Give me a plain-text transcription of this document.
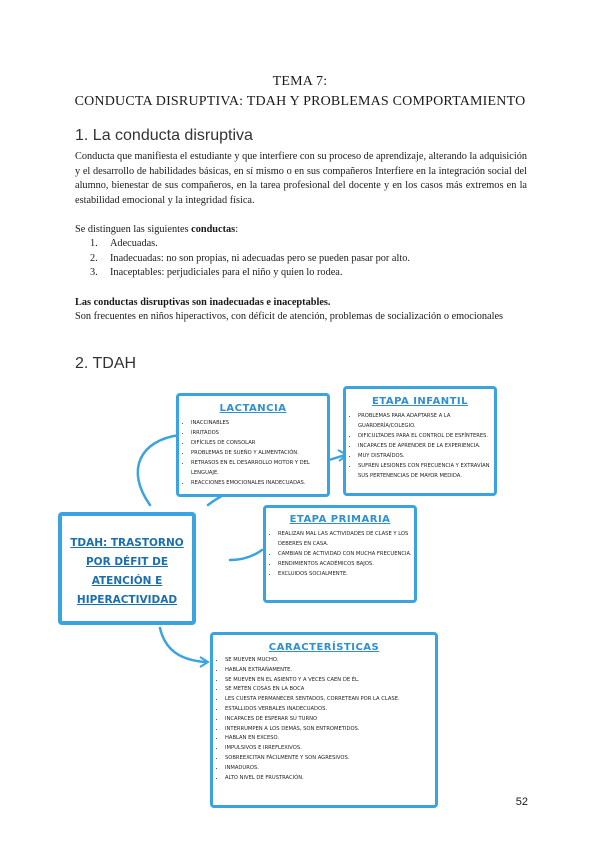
TEMA 7:
CONDUCTA DISRUPTIVA: TDAH Y PROBLEMAS COMPORTAMIENTO
1. La conducta disruptiva
Conducta que manifiesta el estudiante y que interfiere con su proceso de aprendizaje, alterando la adquisición y el desarrollo de habilidades básicas, en sí mismo o en sus compañeros Interfiere en la integración social del alumno, bienestar de sus compañeros, en la tarea profesional del docente y en los casos más extremos en la estabilidad emocional y la integridad física.
Se distinguen las siguientes conductas:
1. Adecuadas.
2. Inadecuadas: no son propias, ni adecuadas pero se pueden pasar por alto.
3. Inaceptables: perjudiciales para el niño y quien lo rodea.
Las conductas disruptivas son inadecuadas e inaceptables.
Son frecuentes en niños hiperactivos, con déficit de atención, problemas de socialización o emocionales
2. TDAH
LACTANCIA
• INACCINABLES
• IRRITADOS
• DIFÍCILES DE CONSOLAR
• PROBLEMAS DE SUEÑO Y ALIMENTACIÓN.
• RETRASOS EN EL DESARROLLO MOTOR Y DEL LENGUAJE.
• REACCIONES EMOCIONALES INADECUADAS.
ETAPA INFANTIL
• PROBLEMAS PARA ADAPTARSE A LA GUARDERÍA/COLEGIO.
• DIFICULTADES PARA EL CONTROL DE ESFÍNTERES.
• INCAPACES DE APRENDER DE LA EXPERIENCIA.
• MUY DISTRAÍDOS.
• SUFREN LESIONES CON FRECUENCIA Y EXTRAVÍAN SUS PERTENENCIAS DE MAYOR MEDIDA.
TDAH: TRASTORNO POR DÉFIT DE ATENCIÓN E HIPERACTIVIDAD
ETAPA PRIMARIA
• REALIZAN MAL LAS ACTIVIDADES DE CLASE Y LOS DEBERES EN CASA.
• CAMBIAN DE ACTIVIDAD CON MUCHA FRECUENCIA.
• RENDIMIENTOS ACADÉMICOS BAJOS.
• EXCLUIDOS SOCIALMENTE.
CARACTERÍSTICAS
• SE MUEVEN MUCHO.
• HABLAN EXTRAÑAMENTE.
• SE MUEVEN EN EL ASIENTO Y A VECES CAEN DE ÉL.
• SE METEN COSAS EN LA BOCA
• LES CUESTA PERMANECER SENTADOS, CORRETEAN POR LA CLASE.
• ESTALLIDOS VERBALES INADECUADOS.
• INCAPACES DE ESPERAR SU TURNO
• INTERRUMPEN A LOS DEMÁS, SON ENTROMETIDOS.
• HABLAN EN EXCESO.
• IMPULSIVOS E IRREFLEXIVOS.
• SOBREEXCITAN FÁCILMENTE Y SON AGRESIVOS.
• INMADUROS.
• ALTO NIVEL DE FRUSTRACIÓN.
52
